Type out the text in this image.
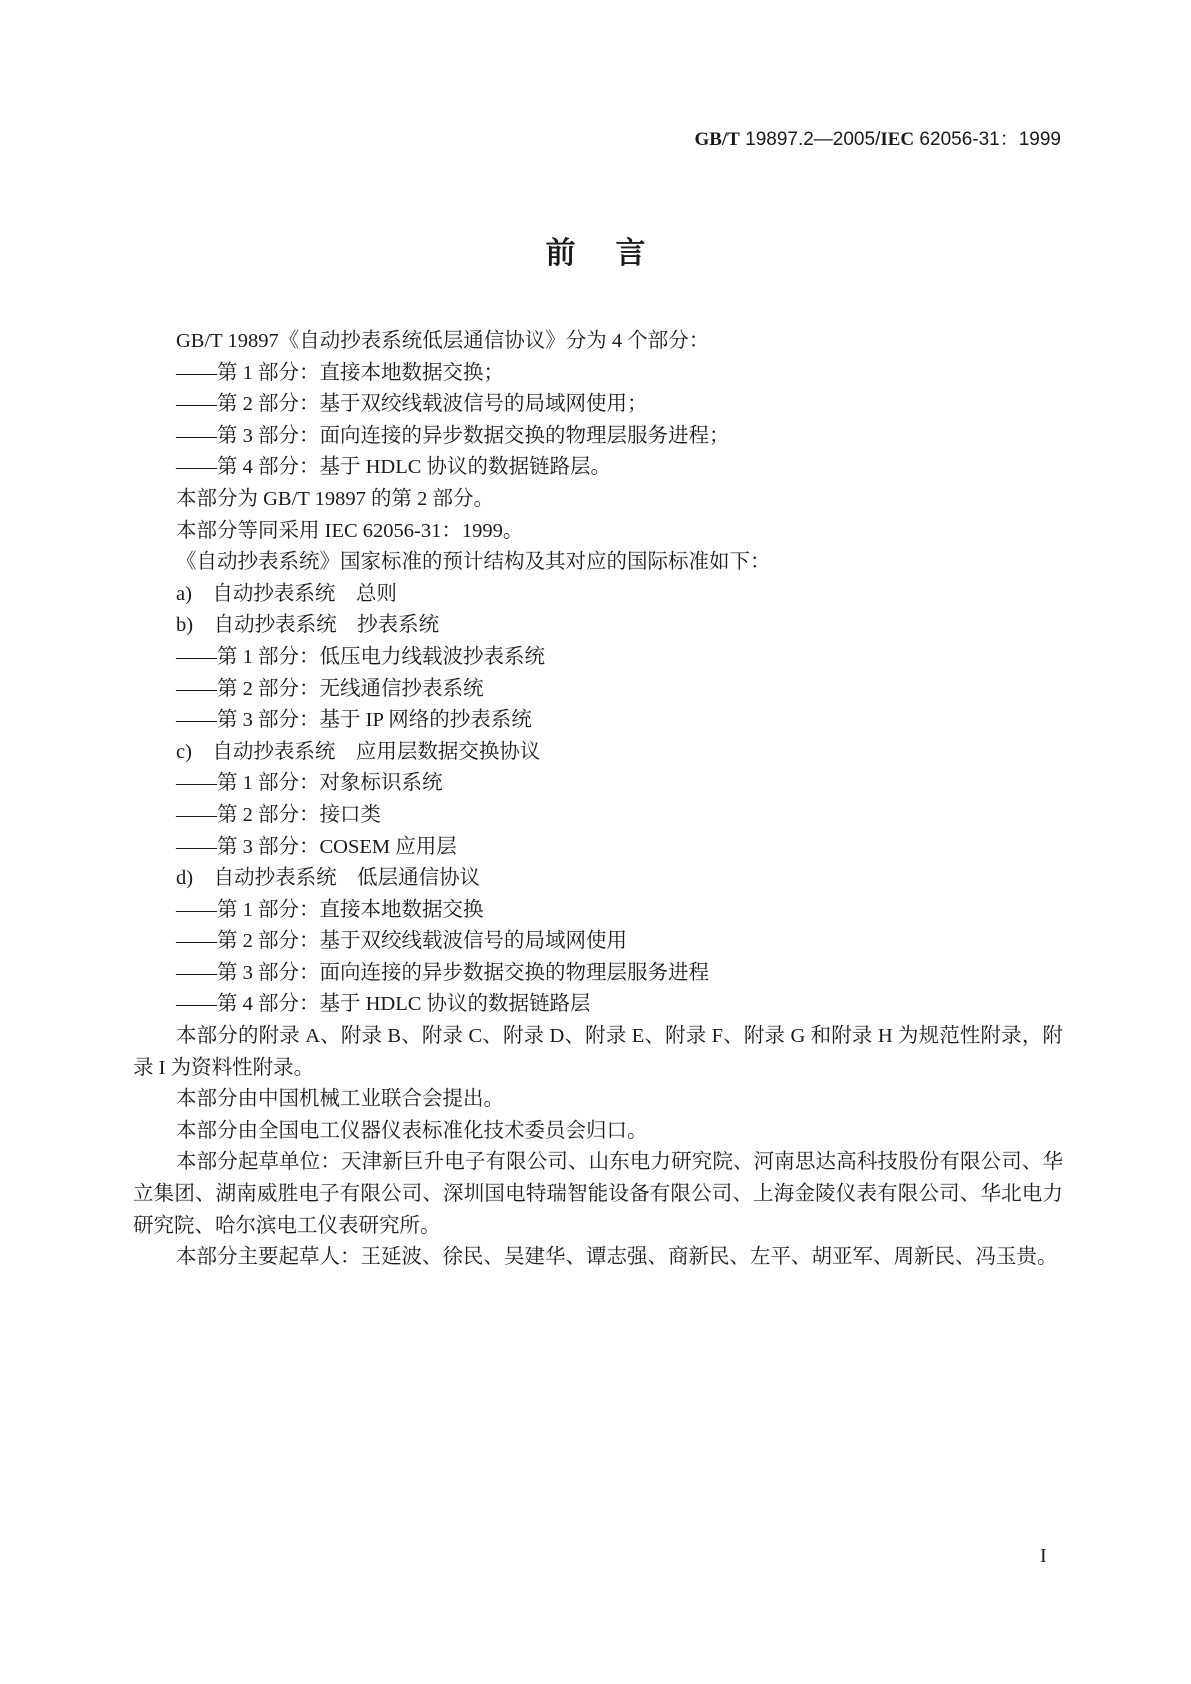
GB/T 19897.2—2005/IEC 62056-31：1999
前言

GB/T 19897《自动抄表系统低层通信协议》分为 4 个部分：

——第 1 部分：直接本地数据交换；

——第 2 部分：基于双绞线载波信号的局域网使用；

——第 3 部分：面向连接的异步数据交换的物理层服务进程；

——第 4 部分：基于 HDLC 协议的数据链路层。

本部分为 GB/T 19897 的第 2 部分。

本部分等同采用 IEC 62056-31：1999。

《自动抄表系统》国家标准的预计结构及其对应的国际标准如下：

a)　自动抄表系统　总则

b)　自动抄表系统　抄表系统

——第 1 部分：低压电力线载波抄表系统

——第 2 部分：无线通信抄表系统

——第 3 部分：基于 IP 网络的抄表系统

c)　自动抄表系统　应用层数据交换协议

——第 1 部分：对象标识系统

——第 2 部分：接口类

——第 3 部分：COSEM 应用层

d)　自动抄表系统　低层通信协议

——第 1 部分：直接本地数据交换

——第 2 部分：基于双绞线载波信号的局域网使用

——第 3 部分：面向连接的异步数据交换的物理层服务进程

——第 4 部分：基于 HDLC 协议的数据链路层

本部分的附录 A、附录 B、附录 C、附录 D、附录 E、附录 F、附录 G 和附录 H 为规范性附录，附录 I 为资料性附录。

本部分由中国机械工业联合会提出。

本部分由全国电工仪器仪表标准化技术委员会归口。

本部分起草单位：天津新巨升电子有限公司、山东电力研究院、河南思达高科技股份有限公司、华立集团、湖南威胜电子有限公司、深圳国电特瑞智能设备有限公司、上海金陵仪表有限公司、华北电力研究院、哈尔滨电工仪表研究所。

本部分主要起草人：王延波、徐民、吴建华、谭志强、商新民、左平、胡亚军、周新民、冯玉贵。

I
